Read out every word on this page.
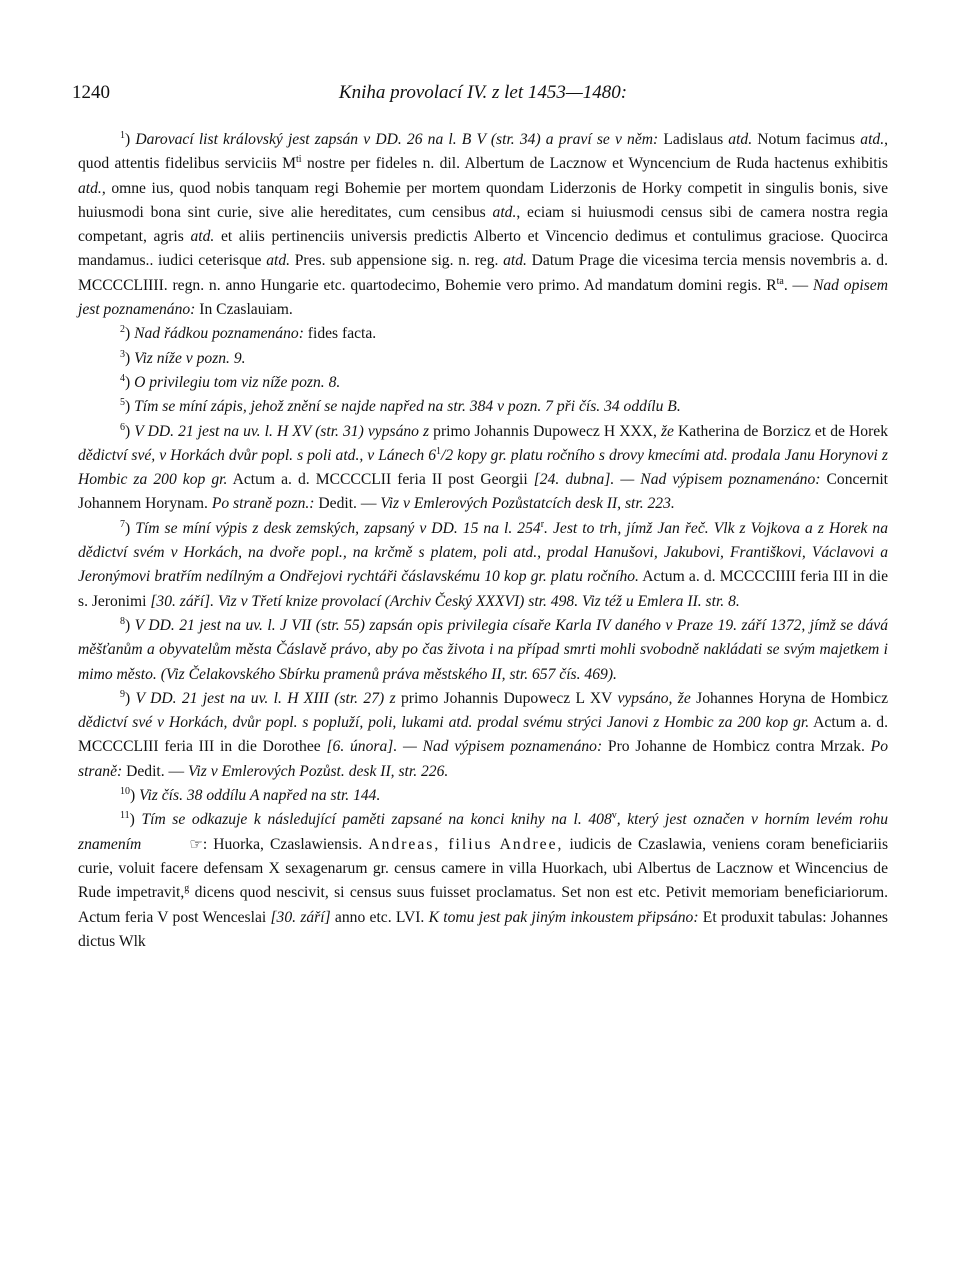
1240	Kniha provolací IV. z let 1453—1480:

$^1$) Darovací list královský jest zapsán v DD. 26 na l. B V (str. 34) a praví se v něm: Ladislaus atd. Notum facimus atd., quod attentis fidelibus serviciis $M^{ti}$ nostre per fideles n. dil. Albertum de Lacznow et Wyncencium de Ruda hactenus exhibitis atd., omne ius, quod nobis tanquam regi Bohemie per mortem quondam Liderzonis de Horky competit in singulis bonis, sive huiusmodi bona sint curie, sive alie hereditates, cum censibus atd., eciam si huiusmodi census sibi de camera nostra regia competant, agris atd. et aliis pertinenciis universis predictis Alberto et Vincencio dedimus et contulimus graciose. Quocirca mandamus.. iudici ceterisque atd. Pres. sub appensione sig. n. reg. atd. Datum Prage die vicesima tercia mensis novembris a. d. MCCCCLIIII. regn. n. anno Hungarie etc. quartodecimo, Bohemie vero primo. Ad mandatum domini regis. $R^{ta}$. — Nad opisem jest poznamenáno: In Czaslauiam.

$^2$) Nad řádkou poznamenáno: fides facta.

$^3$) Viz níže v pozn. 9.

$^4$) O privilegiu tom viz níže pozn. 8.

$^5$) Tím se míní zápis, jehož znění se najde napřed na str. 384 v pozn. 7 při čís. 34 oddílu B.

$^6$) V DD. 21 jest na uv. l. H XV (str. 31) vypsáno z primo Johannis Dupowecz H XXX, že Katherina de Borzicz et de Horek dědictví své, v Horkách dvůr popl. s poli atd., v Lánech $6^1/2$ kopy gr. platu ročního s drovy kmecími atd. prodala Janu Horynovi z Hombic za 200 kop gr. Actum a. d. MCCCCLII feria II post Georgii [24. dubna]. — Nad výpisem poznamenáno: Concernit Johannem Horynam. Po straně pozn.: Dedit. — Viz v Emlerových Pozůstatcích desk II, str. 223.

$^7$) Tím se míní výpis z desk zemských, zapsaný v DD. 15 na l. 254$^r$. Jest to trh, jímž Jan řeč. Vlk z Vojkova a z Horek na dědictví svém v Horkách, na dvoře popl., na krčmě s platem, poli atd., prodal Hanušovi, Jakubovi, Františkovi, Václavovi a Jeronýmovi bratřím nedílným a Ondřejovi rychtáři čáslavskému 10 kop gr. platu ročního. Actum a. d. MCCCCIIII feria III in die s. Jeronimi [30. září]. Viz v Třetí knize provolací (Archiv Český XXXVI) str. 498. Viz též u Emlera II. str. 8.

$^8$) V DD. 21 jest na uv. l. J VII (str. 55) zapsán opis privilegia císaře Karla IV daného v Praze 19. září 1372, jímž se dává měšťanům a obyvatelům města Čáslavě právo, aby po čas života i na případ smrti mohli svobodně nakládati se svým majetkem i mimo město. (Viz Čelakovského Sbírku pramenů práva městského II, str. 657 čís. 469).

$^9$) V DD. 21 jest na uv. l. H XIII (str. 27) z primo Johannis Dupowecz L XV vypsáno, že Johannes Horyna de Hombicz dědictví své v Horkách, dvůr popl. s popluží, poli, lukami atd. prodal svému strýci Janovi z Hombic za 200 kop gr. Actum a. d. MCCCCLIII feria III in die Dorothee [6. února]. — Nad výpisem poznamenáno: Pro Johanne de Hombicz contra Mrzak. Po straně: Dedit. — Viz v Emlerových Pozůst. desk II, str. 226.

$^{10}$) Viz čís. 38 oddílu A napřed na str. 144.

$^{11}$) Tím se odkazuje k následující paměti zapsané na konci knihy na l. 408$^v$, který jest označen v horním levém rohu znamením	☞: Huorka, Czaslawiensis. Andreas, filius Andree, iudicis de Czaslawia, veniens coram beneficiariis curie, voluit facere defensam X sexagenarum gr. census camere in villa Huorkach, ubi Albertus de Lacznow et Wincencius de Rude impetravit,$^g$ dicens quod nescivit, si census suus fuisset proclamatus. Set non est etc. Petivit memoriam beneficiariorum. Actum feria V post Wenceslai [30. září] anno etc. LVI. K tomu jest pak jiným inkoustem připsáno: Et produxit tabulas: Johannes dictus Wlk
